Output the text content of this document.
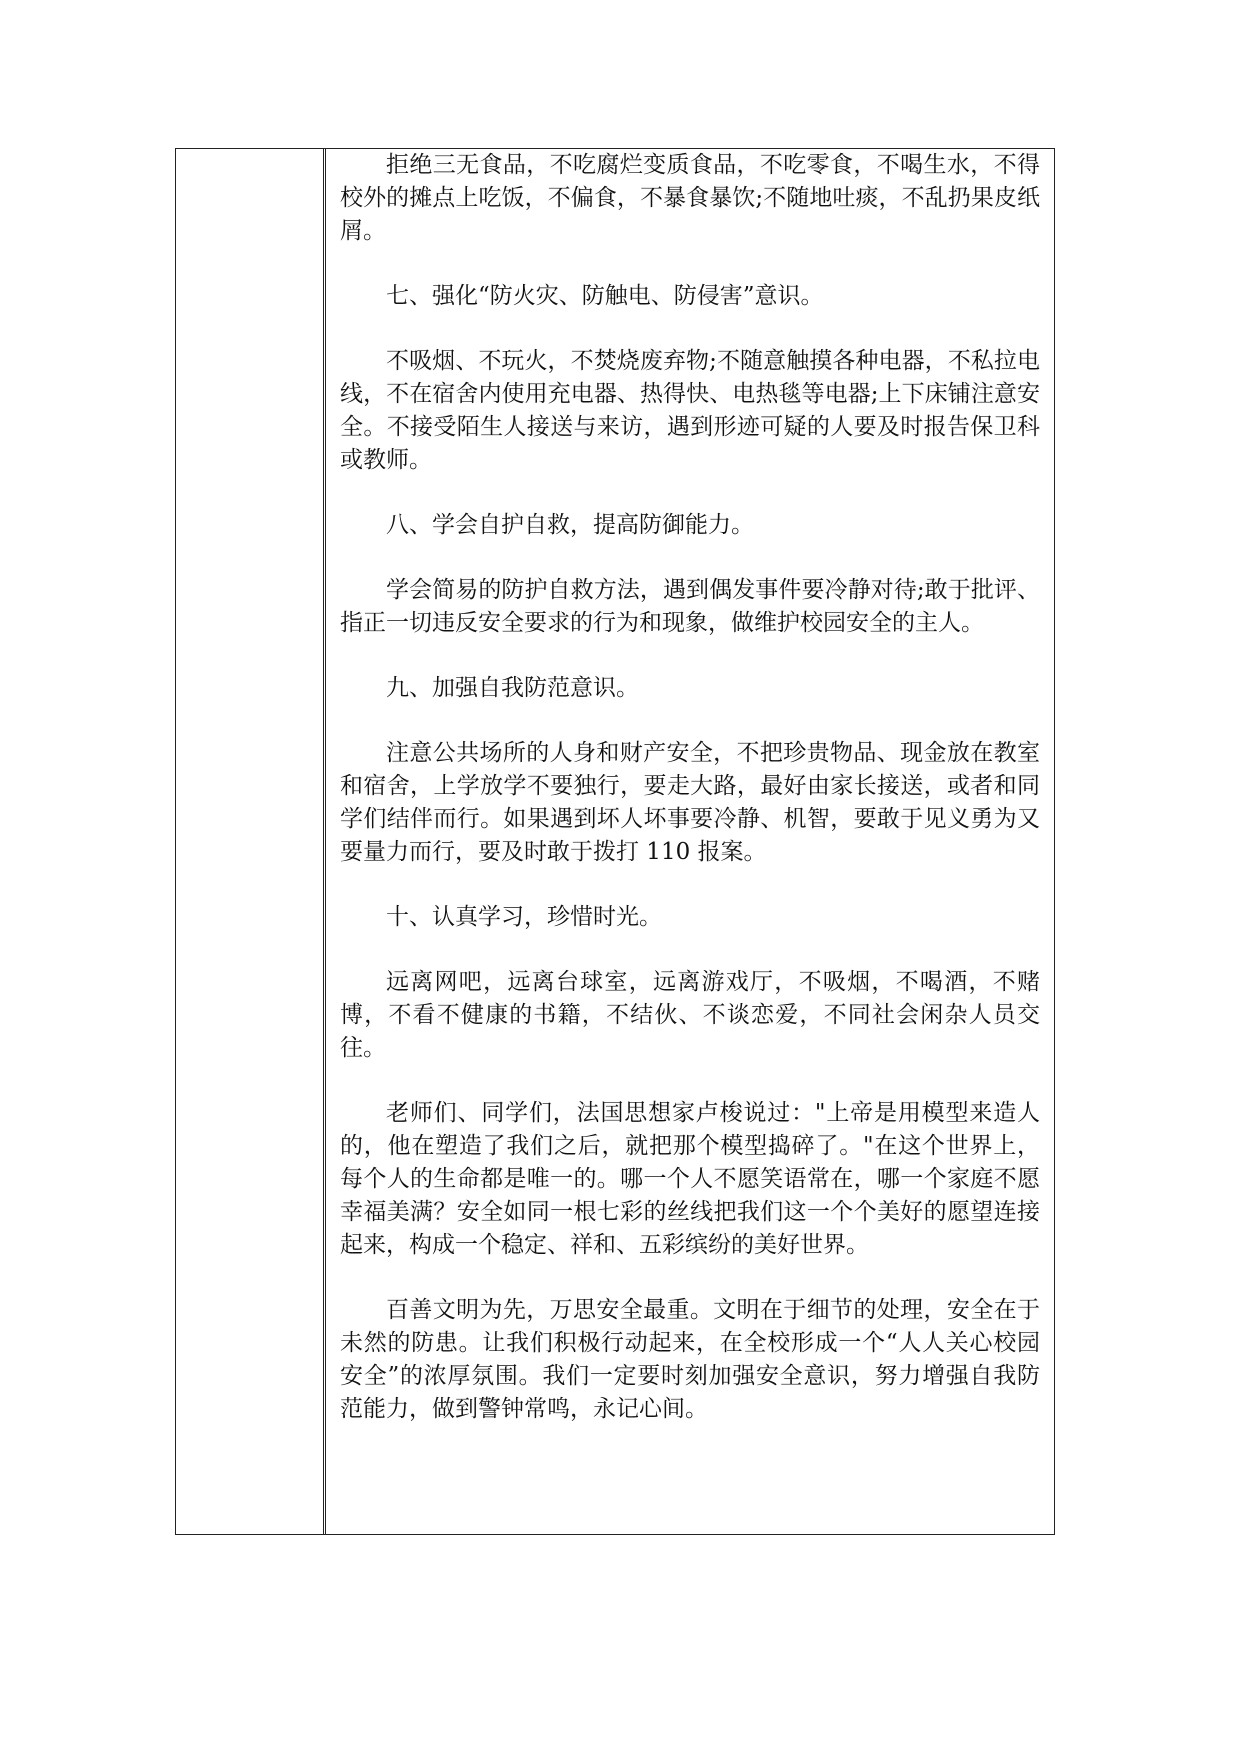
拒绝三无食品，不吃腐烂变质食品，不吃零食，不喝生水，不得校外的摊点上吃饭，不偏食，不暴食暴饮;不随地吐痰，不乱扔果皮纸屑。

七、强化“防火灾、防触电、防侵害”意识。

不吸烟、不玩火，不焚烧废弃物;不随意触摸各种电器，不私拉电线，不在宿舍内使用充电器、热得快、电热毯等电器;上下床铺注意安全。不接受陌生人接送与来访，遇到形迹可疑的人要及时报告保卫科或教师。

八、学会自护自救，提高防御能力。

学会简易的防护自救方法，遇到偶发事件要冷静对待;敢于批评、指正一切违反安全要求的行为和现象，做维护校园安全的主人。

九、加强自我防范意识。

注意公共场所的人身和财产安全，不把珍贵物品、现金放在教室和宿舍，上学放学不要独行，要走大路，最好由家长接送，或者和同学们结伴而行。如果遇到坏人坏事要冷静、机智，要敢于见义勇为又要量力而行，要及时敢于拨打 110 报案。

十、认真学习，珍惜时光。

远离网吧，远离台球室，远离游戏厅，不吸烟，不喝酒，不赌博，不看不健康的书籍，不结伙、不谈恋爱，不同社会闲杂人员交往。

老师们、同学们，法国思想家卢梭说过："上帝是用模型来造人的，他在塑造了我们之后，就把那个模型捣碎了。"在这个世界上，每个人的生命都是唯一的。哪一个人不愿笑语常在，哪一个家庭不愿幸福美满？安全如同一根七彩的丝线把我们这一个个美好的愿望连接起来，构成一个稳定、祥和、五彩缤纷的美好世界。

百善文明为先，万思安全最重。文明在于细节的处理，安全在于未然的防患。让我们积极行动起来，在全校形成一个“人人关心校园安全”的浓厚氛围。我们一定要时刻加强安全意识，努力增强自我防范能力，做到警钟常鸣，永记心间。
